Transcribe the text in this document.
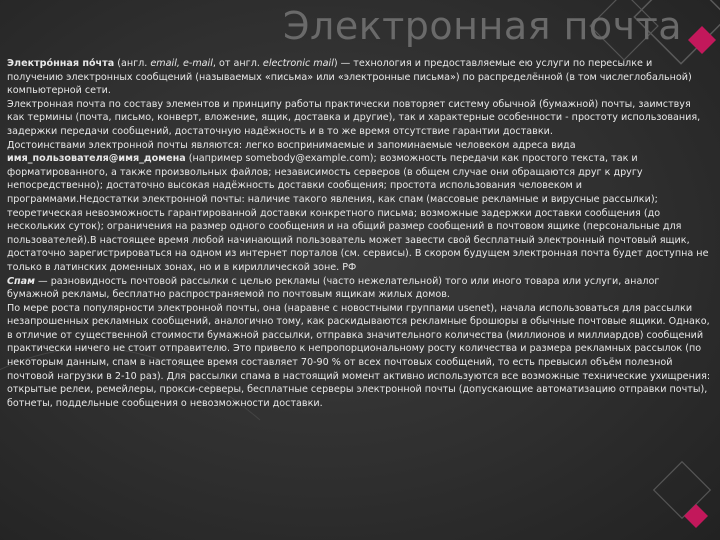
Электронная почта

Электро́нная по́чта (англ. email, e-mail, от англ. electronic mail) — технология и предоставляемые ею услуги по пересылке и получению электронных сообщений (называемых «письма» или «электронные письма») по распределённой (в том числеглобальной) компьютерной сети.

Электронная почта по составу элементов и принципу работы практически повторяет систему обычной (бумажной) почты, заимствуя как термины (почта, письмо, конверт, вложение, ящик, доставка и другие), так и характерные особенности - простоту использования, задержки передачи сообщений, достаточную надёжность и в то же время отсутствие гарантии доставки.

Достоинствами электронной почты являются: легко воспринимаемые и запоминаемые человеком адреса вида имя_пользователя@имя_домена (например somebody@example.com); возможность передачи как простого текста, так и форматированного, а также произвольных файлов; независимость серверов (в общем случае они обращаются друг к другу непосредственно); достаточно высокая надёжность доставки сообщения; простота использования человеком и программами.Недостатки электронной почты: наличие такого явления, как спам (массовые рекламные и вирусные рассылки); теоретическая невозможность гарантированной доставки конкретного письма; возможные задержки доставки сообщения (до нескольких суток); ограничения на размер одного сообщения и на общий размер сообщений в почтовом ящике (персональные для пользователей).В настоящее время любой начинающий пользователь может завести свой бесплатный электронный почтовый ящик, достаточно зарегистрироваться на одном из интернет порталов (см. сервисы). В скором будущем электронная почта будет доступна не только в латинских доменных зонах, но и в кириллической зоне. РФ

Спам — разновидность почтовой рассылки с целью рекламы (часто нежелательной) того или иного товара или услуги, аналог бумажной рекламы, бесплатно распространяемой по почтовым ящикам жилых домов.

По мере роста популярности электронной почты, она (наравне с новостными группами usenet), начала использоваться для рассылки незапрошенных рекламных сообщений, аналогично тому, как раскидываются рекламные брошюры в обычные почтовые ящики. Однако, в отличие от существенной стоимости бумажной рассылки, отправка значительного количества (миллионов и миллиардов) сообщений практически ничего не стоит отправителю. Это привело к непропорциональному росту количества и размера рекламных рассылок (по некоторым данным, спам в настоящее время составляет 70-90 % от всех почтовых сообщений, то есть превысил объём полезной почтовой нагрузки в 2-10 раз). Для рассылки спама в настоящий момент активно используются все возможные технические ухищрения: открытые релеи, ремейлеры, прокси-серверы, бесплатные серверы электронной почты (допускающие автоматизацию отправки почты), ботнеты, поддельные сообщения о невозможности доставки.
